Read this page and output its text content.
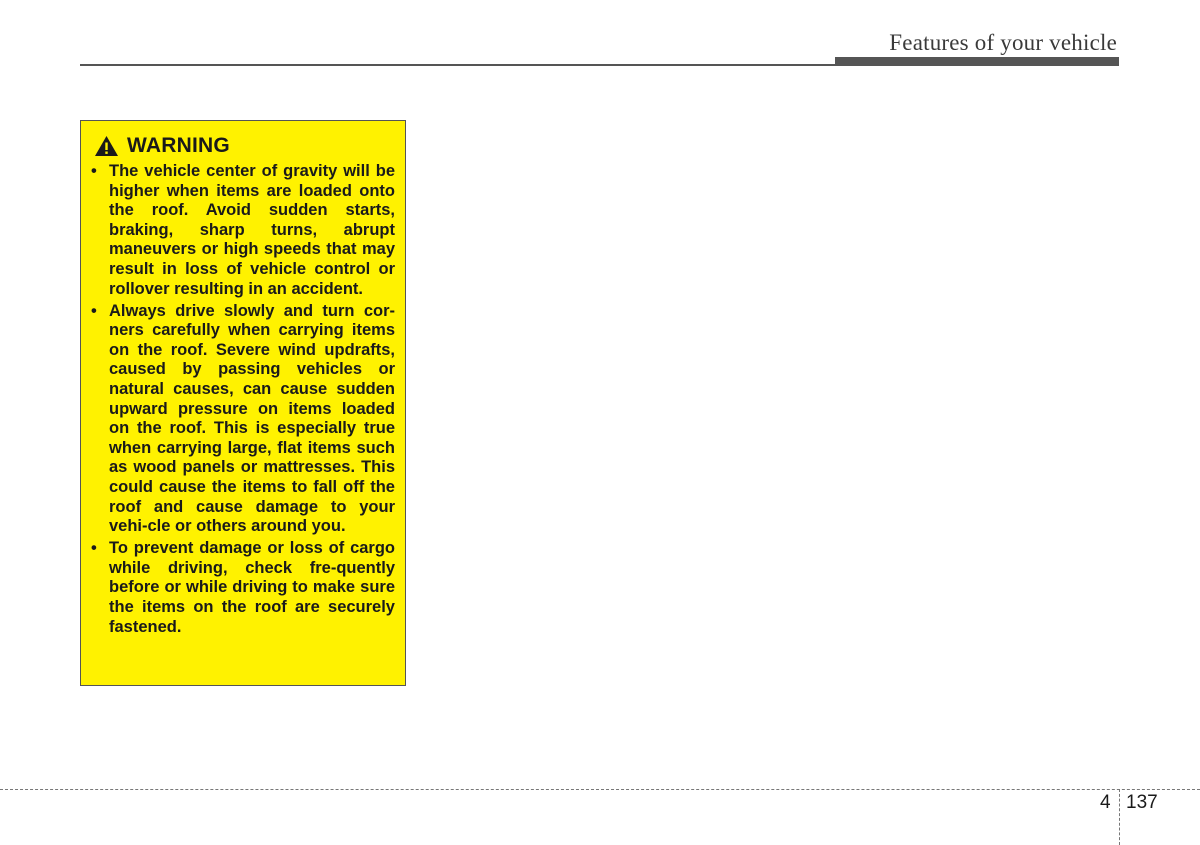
Features of your vehicle
WARNING
• The vehicle center of gravity will be higher when items are loaded onto the roof. Avoid sudden starts, braking, sharp turns, abrupt maneuvers or high speeds that may result in loss of vehicle control or rollover resulting in an accident.
• Always drive slowly and turn cor-ners carefully when carrying items on the roof. Severe wind updrafts, caused by passing vehicles or natural causes, can cause sudden upward pressure on items loaded on the roof. This is especially true when carrying large, flat items such as wood panels or mattresses. This could cause the items to fall off the roof and cause damage to your vehi-cle or others around you.
• To prevent damage or loss of cargo while driving, check fre-quently before or while driving to make sure the items on the roof are securely fastened.
4 137
